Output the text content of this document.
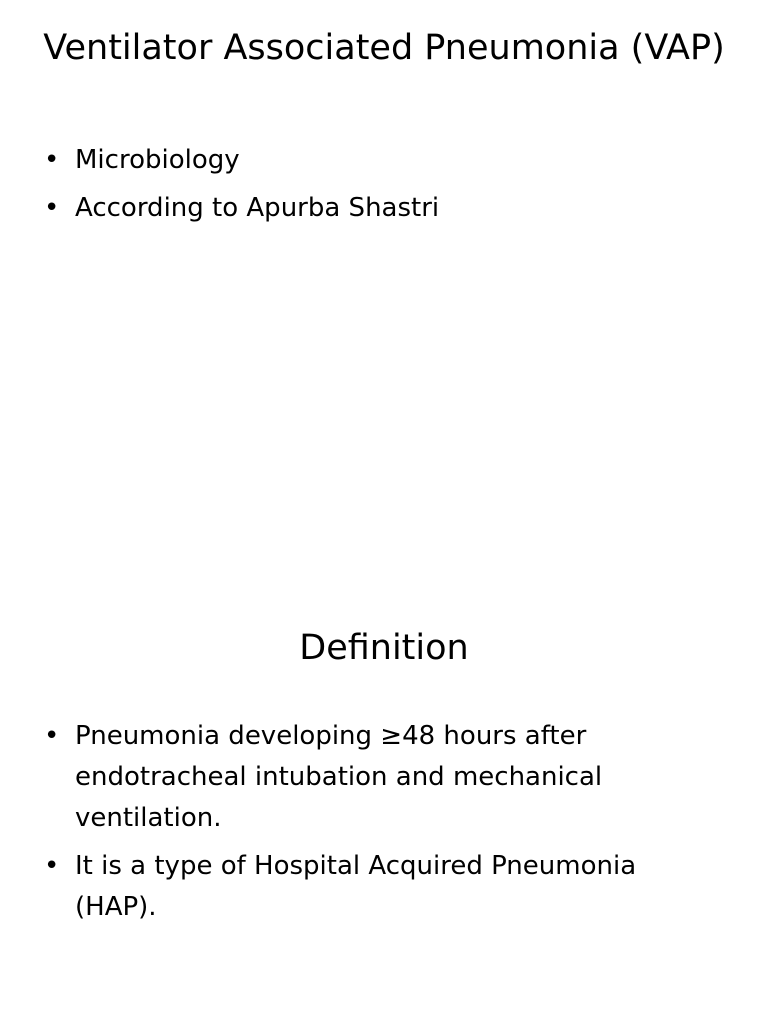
Ventilator Associated Pneumonia (VAP)
• Microbiology
• According to Apurba Shastri
Definition
• Pneumonia developing ≥48 hours after endotracheal intubation and mechanical ventilation.
• It is a type of Hospital Acquired Pneumonia (HAP).
